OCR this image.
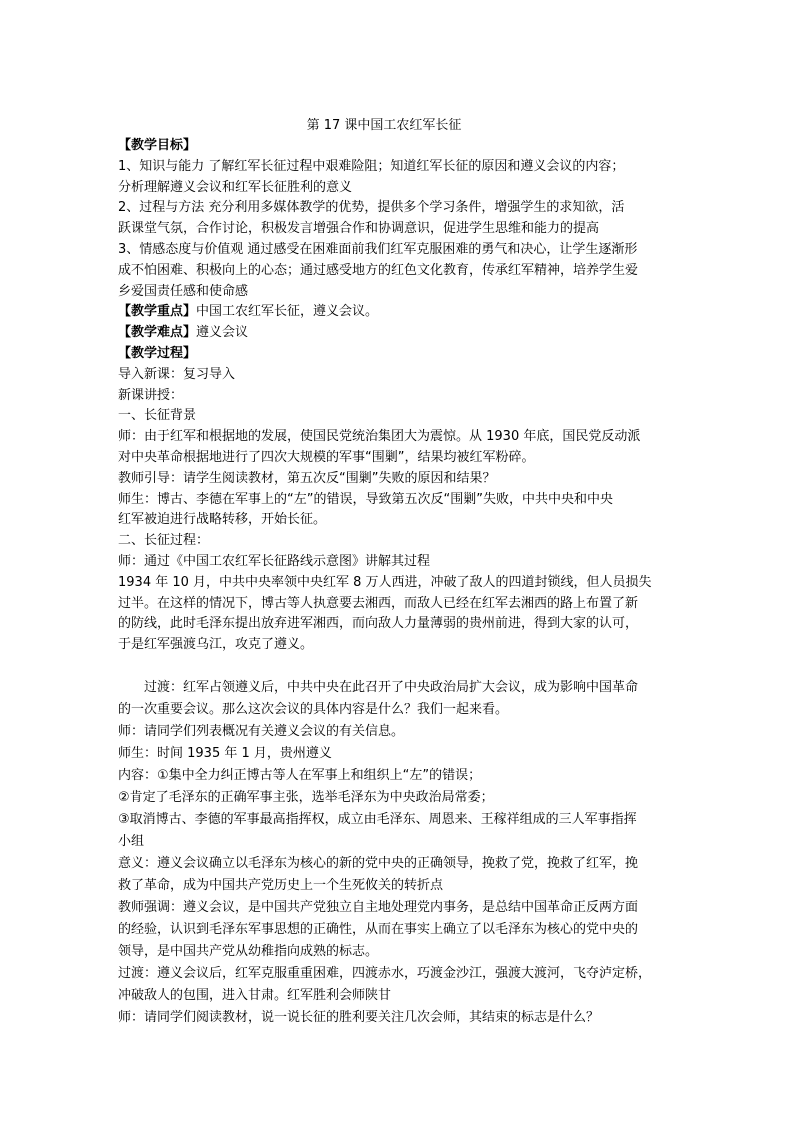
第 17 课中国工农红军长征
【教学目标】
1、知识与能力 了解红军长征过程中艰难险阻；知道红军长征的原因和遵义会议的内容；
分析理解遵义会议和红军长征胜利的意义
2、过程与方法 充分利用多媒体教学的优势，提供多个学习条件，增强学生的求知欲，活
跃课堂气氛，合作讨论，积极发言增强合作和协调意识，促进学生思维和能力的提高
3、情感态度与价值观 通过感受在困难面前我们红军克服困难的勇气和决心，让学生逐渐形
成不怕困难、积极向上的心态；通过感受地方的红色文化教育，传承红军精神，培养学生爱
乡爱国责任感和使命感
【教学重点】中国工农红军长征，遵义会议。
【教学难点】遵义会议
【教学过程】
导入新课：复习导入
新课讲授：
一、长征背景
师：由于红军和根据地的发展，使国民党统治集团大为震惊。从 1930 年底，国民党反动派
对中央革命根据地进行了四次大规模的军事“围剿”，结果均被红军粉碎。
教师引导：请学生阅读教材，第五次反“围剿”失败的原因和结果？
师生：博古、李德在军事上的“左”的错误，导致第五次反“围剿”失败，中共中央和中央
红军被迫进行战略转移，开始长征。
二、长征过程：
师：通过《中国工农红军长征路线示意图》讲解其过程
1934 年 10 月，中共中央率领中央红军 8 万人西进，冲破了敌人的四道封锁线，但人员损失
过半。在这样的情况下，博古等人执意要去湘西，而敌人已经在红军去湘西的路上布置了新
的防线，此时毛泽东提出放弃进军湘西，而向敌人力量薄弱的贵州前进，得到大家的认可，
于是红军强渡乌江，攻克了遵义。
过渡：红军占领遵义后，中共中央在此召开了中央政治局扩大会议，成为影响中国革命
的一次重要会议。那么这次会议的具体内容是什么？我们一起来看。
师：请同学们列表概况有关遵义会议的有关信息。
师生：时间 1935 年 1 月，贵州遵义
内容：①集中全力纠正博古等人在军事上和组织上“左”的错误；
②肯定了毛泽东的正确军事主张，选举毛泽东为中央政治局常委；
③取消博古、李德的军事最高指挥权，成立由毛泽东、周恩来、王稼祥组成的三人军事指挥
小组
意义：遵义会议确立以毛泽东为核心的新的党中央的正确领导，挽救了党，挽救了红军，挽
救了革命，成为中国共产党历史上一个生死攸关的转折点
教师强调：遵义会议，是中国共产党独立自主地处理党内事务，是总结中国革命正反两方面
的经验，认识到毛泽东军事思想的正确性，从而在事实上确立了以毛泽东为核心的党中央的
领导，是中国共产党从幼稚指向成熟的标志。
过渡：遵义会议后，红军克服重重困难，四渡赤水，巧渡金沙江，强渡大渡河，飞夺泸定桥，
冲破敌人的包围，进入甘肃。红军胜利会师陕甘
师：请同学们阅读教材，说一说长征的胜利要关注几次会师，其结束的标志是什么？
